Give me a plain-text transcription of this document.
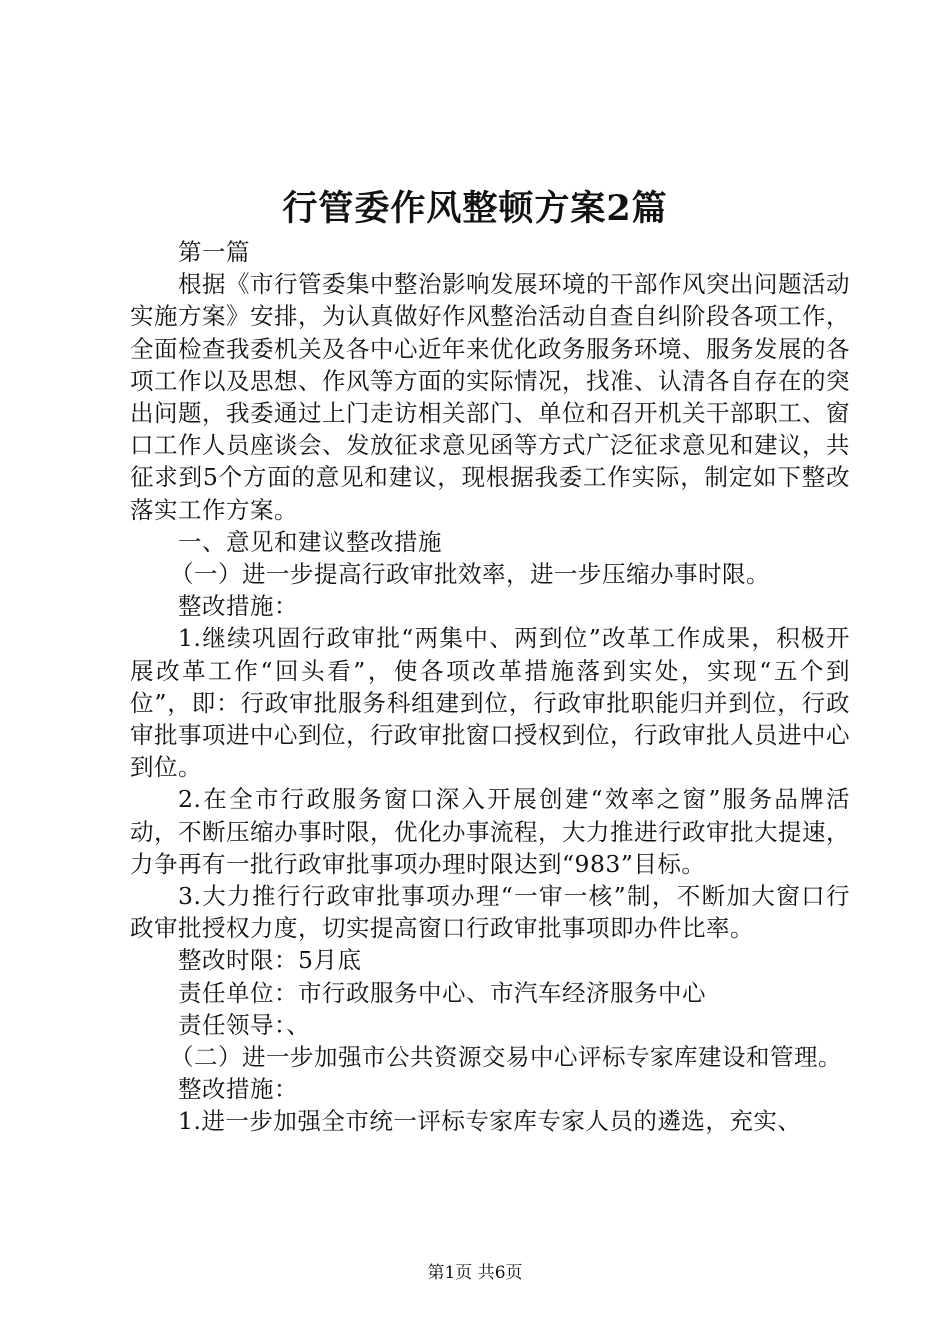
行管委作风整顿方案2篇

第一篇

根据《市行管委集中整治影响发展环境的干部作风突出问题活动实施方案》安排，为认真做好作风整治活动自查自纠阶段各项工作，全面检查我委机关及各中心近年来优化政务服务环境、服务发展的各项工作以及思想、作风等方面的实际情况，找准、认清各自存在的突出问题，我委通过上门走访相关部门、单位和召开机关干部职工、窗口工作人员座谈会、发放征求意见函等方式广泛征求意见和建议，共征求到5个方面的意见和建议，现根据我委工作实际，制定如下整改落实工作方案。

一、意见和建议整改措施

（一）进一步提高行政审批效率，进一步压缩办事时限。

整改措施：

1.继续巩固行政审批“两集中、两到位”改革工作成果，积极开展改革工作“回头看”，使各项改革措施落到实处，实现“五个到位”，即：行政审批服务科组建到位，行政审批职能归并到位，行政审批事项进中心到位，行政审批窗口授权到位，行政审批人员进中心到位。

2.在全市行政服务窗口深入开展创建“效率之窗”服务品牌活动，不断压缩办事时限，优化办事流程，大力推进行政审批大提速，力争再有一批行政审批事项办理时限达到“983”目标。

3.大力推行行政审批事项办理“一审一核”制，不断加大窗口行政审批授权力度，切实提高窗口行政审批事项即办件比率。

整改时限：5月底

责任单位：市行政服务中心、市汽车经济服务中心

责任领导：、

（二）进一步加强市公共资源交易中心评标专家库建设和管理。

整改措施：

1.进一步加强全市统一评标专家库专家人员的遴选，充实、

第1页 共6页
